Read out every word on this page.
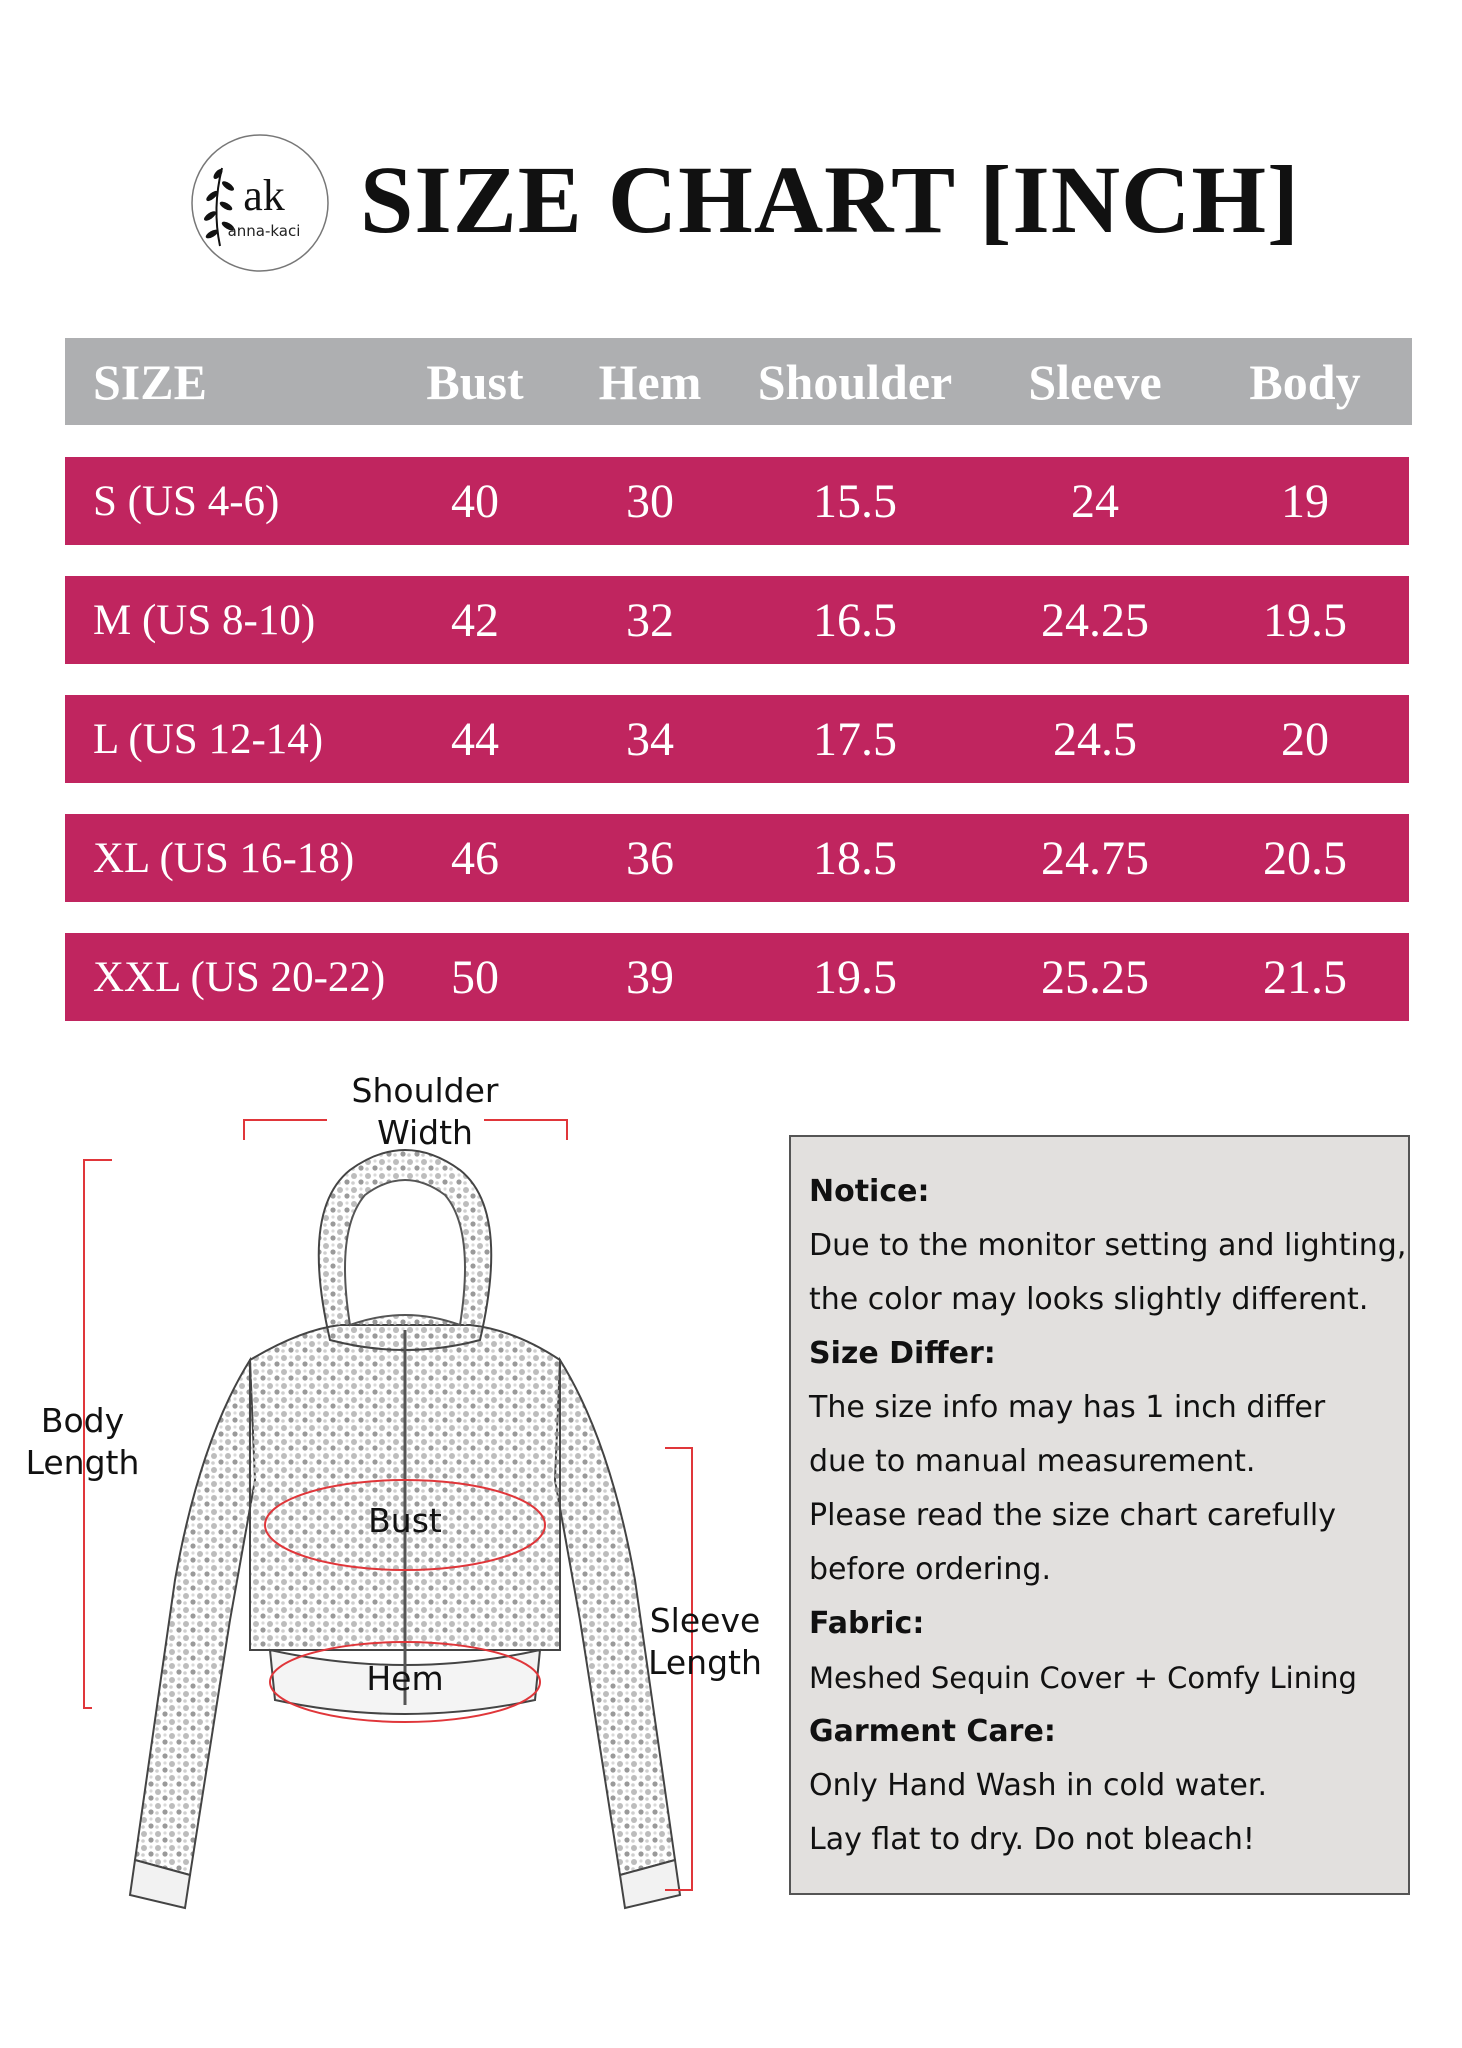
ak
anna-kaci SIZE CHART [INCH]
SIZE	Bust	Hem	Shoulder	Sleeve	Body
S (US 4-6)	40	30	15.5	24	19
M (US 8-10)	42	32	16.5	24.25	19.5
L (US 12-14)	44	34	17.5	24.5	20
XL (US 16-18)	46	36	18.5	24.75	20.5
XXL (US 20-22)	50	39	19.5	25.25	21.5
Shoulder
Width
Body
Length
Sleeve
Length
Bust
Hem
Notice:
Due to the monitor setting and lighting,
the color may looks slightly different.
Size Differ:
The size info may has 1 inch differ
due to manual measurement.
Please read the size chart carefully
before ordering.
Fabric:
Meshed Sequin Cover + Comfy Lining
Garment Care:
Only Hand Wash in cold water.
Lay flat to dry. Do not bleach!
